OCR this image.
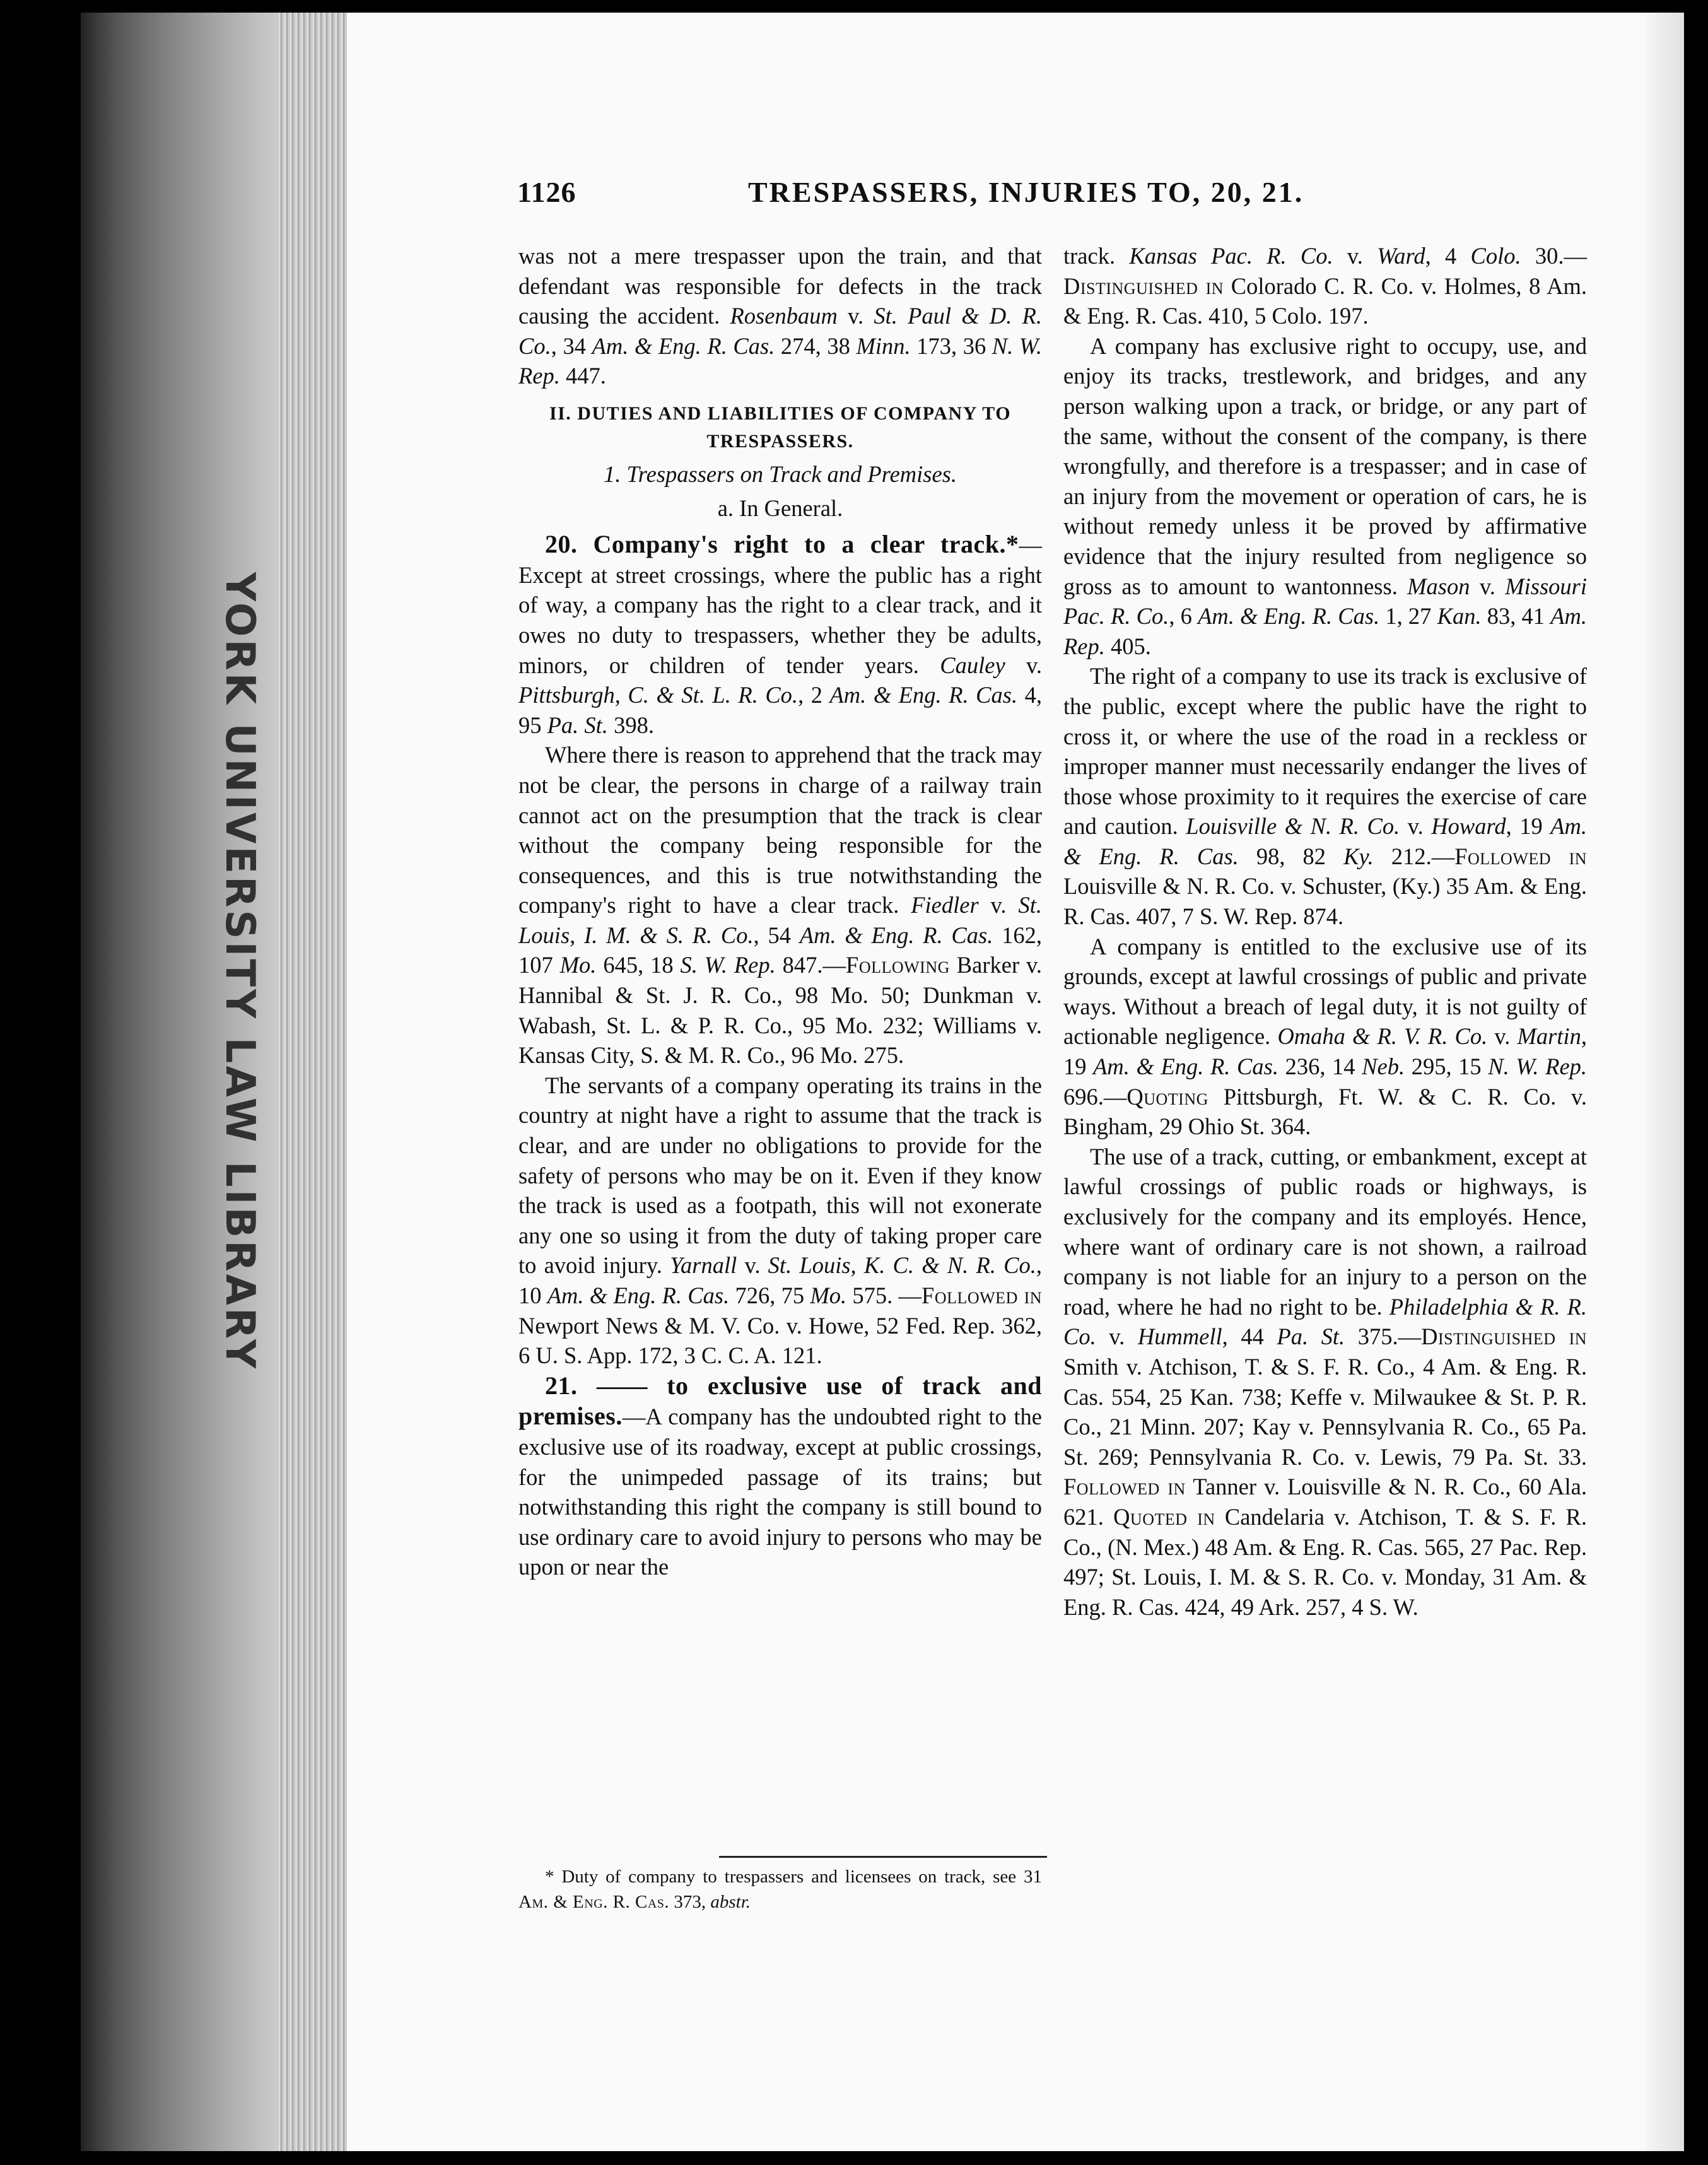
YORK UNIVERSITY LAW LIBRARY
1126	TRESPASSERS, INJURIES TO, 20, 21.

was not a mere trespasser upon the train, and that defendant was responsible for defects in the track causing the accident. Rosenbaum v. St. Paul & D. R. Co., 34 Am. & Eng. R. Cas. 274, 38 Minn. 173, 36 N. W. Rep. 447.

II. DUTIES AND LIABILITIES OF COMPANY TO TRESPASSERS.
1. Trespassers on Track and Premises.
a. In General.

20. Company's right to a clear track.*—Except at street crossings, where the public has a right of way, a company has the right to a clear track, and it owes no duty to trespassers, whether they be adults, minors, or children of tender years. Cauley v. Pittsburgh, C. & St. L. R. Co., 2 Am. & Eng. R. Cas. 4, 95 Pa. St. 398.

Where there is reason to apprehend that the track may not be clear, the persons in charge of a railway train cannot act on the presumption that the track is clear without the company being responsible for the consequences, and this is true notwithstanding the company's right to have a clear track. Fiedler v. St. Louis, I. M. & S. R. Co., 54 Am. & Eng. R. Cas. 162, 107 Mo. 645, 18 S. W. Rep. 847.—Following Barker v. Hannibal & St. J. R. Co., 98 Mo. 50; Dunkman v. Wabash, St. L. & P. R. Co., 95 Mo. 232; Williams v. Kansas City, S. & M. R. Co., 96 Mo. 275.

The servants of a company operating its trains in the country at night have a right to assume that the track is clear, and are under no obligations to provide for the safety of persons who may be on it. Even if they know the track is used as a footpath, this will not exonerate any one so using it from the duty of taking proper care to avoid injury. Yarnall v. St. Louis, K. C. & N. R. Co., 10 Am. & Eng. R. Cas. 726, 75 Mo. 575. —Followed in Newport News & M. V. Co. v. Howe, 52 Fed. Rep. 362, 6 U. S. App. 172, 3 C. C. A. 121.

21. —— to exclusive use of track and premises.—A company has the undoubted right to the exclusive use of its roadway, except at public crossings, for the unimpeded passage of its trains; but notwithstanding this right the company is still bound to use ordinary care to avoid injury to persons who may be upon or near the

track. Kansas Pac. R. Co. v. Ward, 4 Colo. 30.—Distinguished in Colorado C. R. Co. v. Holmes, 8 Am. & Eng. R. Cas. 410, 5 Colo. 197.

A company has exclusive right to occupy, use, and enjoy its tracks, trestlework, and bridges, and any person walking upon a track, or bridge, or any part of the same, without the consent of the company, is there wrongfully, and therefore is a trespasser; and in case of an injury from the movement or operation of cars, he is without remedy unless it be proved by affirmative evidence that the injury resulted from negligence so gross as to amount to wantonness. Mason v. Missouri Pac. R. Co., 6 Am. & Eng. R. Cas. 1, 27 Kan. 83, 41 Am. Rep. 405.

The right of a company to use its track is exclusive of the public, except where the public have the right to cross it, or where the use of the road in a reckless or improper manner must necessarily endanger the lives of those whose proximity to it requires the exercise of care and caution. Louisville & N. R. Co. v. Howard, 19 Am. & Eng. R. Cas. 98, 82 Ky. 212.—Followed in Louisville & N. R. Co. v. Schuster, (Ky.) 35 Am. & Eng. R. Cas. 407, 7 S. W. Rep. 874.

A company is entitled to the exclusive use of its grounds, except at lawful crossings of public and private ways. Without a breach of legal duty, it is not guilty of actionable negligence. Omaha & R. V. R. Co. v. Martin, 19 Am. & Eng. R. Cas. 236, 14 Neb. 295, 15 N. W. Rep. 696.—Quoting Pittsburgh, Ft. W. & C. R. Co. v. Bingham, 29 Ohio St. 364.

The use of a track, cutting, or embankment, except at lawful crossings of public roads or highways, is exclusively for the company and its employés. Hence, where want of ordinary care is not shown, a railroad company is not liable for an injury to a person on the road, where he had no right to be. Philadelphia & R. R. Co. v. Hummell, 44 Pa. St. 375.—Distinguished in Smith v. Atchison, T. & S. F. R. Co., 4 Am. & Eng. R. Cas. 554, 25 Kan. 738; Keffe v. Milwaukee & St. P. R. Co., 21 Minn. 207; Kay v. Pennsylvania R. Co., 65 Pa. St. 269; Pennsylvania R. Co. v. Lewis, 79 Pa. St. 33. Followed in Tanner v. Louisville & N. R. Co., 60 Ala. 621. Quoted in Candelaria v. Atchison, T. & S. F. R. Co., (N. Mex.) 48 Am. & Eng. R. Cas. 565, 27 Pac. Rep. 497; St. Louis, I. M. & S. R. Co. v. Monday, 31 Am. & Eng. R. Cas. 424, 49 Ark. 257, 4 S. W.

* Duty of company to trespassers and licensees on track, see 31 Am. & Eng. R. Cas. 373, abstr.
